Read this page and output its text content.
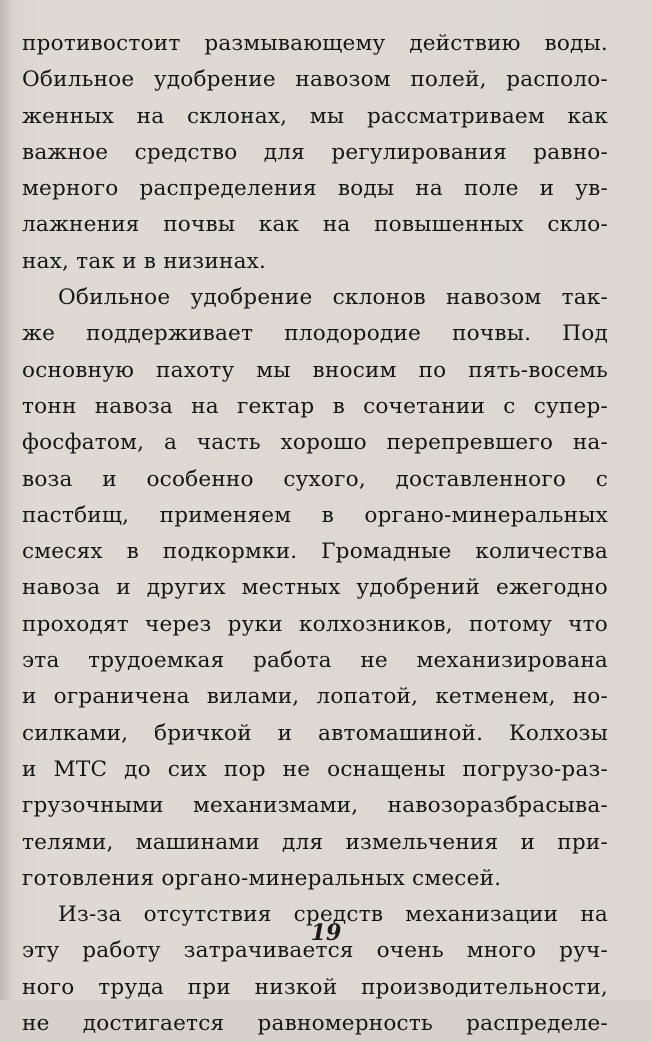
противостоит размывающему действию воды.
Обильное удобрение навозом полей, располо-
женных на склонах, мы рассматриваем как
важное средство для регулирования равно-
мерного распределения воды на поле и ув-
лажнения почвы как на повышенных скло-
нах, так и в низинах.
Обильное удобрение склонов навозом так-
же поддерживает плодородие почвы. Под
основную пахоту мы вносим по пять-восемь
тонн навоза на гектар в сочетании с супер-
фосфатом, а часть хорошо перепревшего на-
воза и особенно сухого, доставленного с
пастбищ, применяем в органо-минеральных
смесях в подкормки. Громадные количества
навоза и других местных удобрений ежегодно
проходят через руки колхозников, потому что
эта трудоемкая работа не механизирована
и ограничена вилами, лопатой, кетменем, но-
силками, бричкой и автомашиной. Колхозы
и МТС до сих пор не оснащены погрузо-раз-
грузочными механизмами, навозоразбрасыва-
телями, машинами для измельчения и при-
готовления органо-минеральных смесей.
Из-за отсутствия средств механизации на
эту работу затрачивается очень много руч-
ного труда при низкой производительности,
не достигается равномерность распределе-
19
